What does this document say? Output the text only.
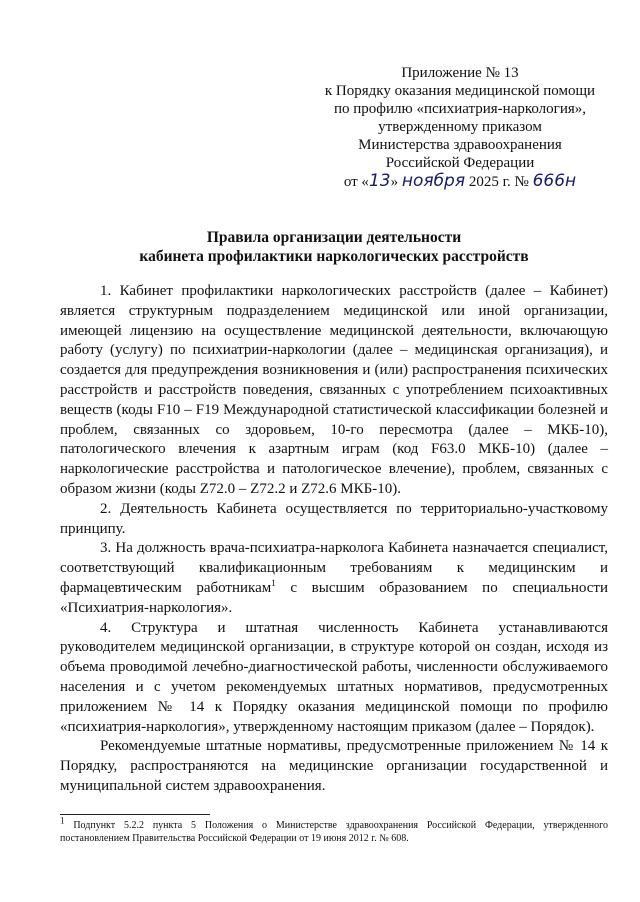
Приложение № 13
к Порядку оказания медицинской помощи
по профилю «психиатрия-наркология»,
утвержденному приказом
Министерства здравоохранения
Российской Федерации
от «13» ноября 2025 г. № 666н
Правила организации деятельности
кабинета профилактики наркологических расстройств

1. Кабинет профилактики наркологических расстройств (далее – Кабинет) является структурным подразделением медицинской или иной организации, имеющей лицензию на осуществление медицинской деятельности, включающую работу (услугу) по психиатрии-наркологии (далее – медицинская организация), и создается для предупреждения возникновения и (или) распространения психических расстройств и расстройств поведения, связанных с употреблением психоактивных веществ (коды F10 – F19 Международной статистической классификации болезней и проблем, связанных со здоровьем, 10-го пересмотра (далее – МКБ-10), патологического влечения к азартным играм (код F63.0 МКБ-10) (далее – наркологические расстройства и патологическое влечение), проблем, связанных с образом жизни (коды Z72.0 – Z72.2 и Z72.6 МКБ-10).

2. Деятельность Кабинета осуществляется по территориально-участковому принципу.

3. На должность врача-психиатра-нарколога Кабинета назначается специалист, соответствующий квалификационным требованиям к медицинским и фармацевтическим работникам$^1$ с высшим образованием по специальности «Психиатрия-наркология».

4. Структура и штатная численность Кабинета устанавливаются руководителем медицинской организации, в структуре которой он создан, исходя из объема проводимой лечебно-диагностической работы, численности обслуживаемого населения и с учетом рекомендуемых штатных нормативов, предусмотренных приложением № 14 к Порядку оказания медицинской помощи по профилю «психиатрия-наркология», утвержденному настоящим приказом (далее – Порядок).

Рекомендуемые штатные нормативы, предусмотренные приложением № 14 к Порядку, распространяются на медицинские организации государственной и муниципальной систем здравоохранения.

$^1$ Подпункт 5.2.2 пункта 5 Положения о Министерстве здравоохранения Российской Федерации, утвержденного постановлением Правительства Российской Федерации от 19 июня 2012 г. № 608.
